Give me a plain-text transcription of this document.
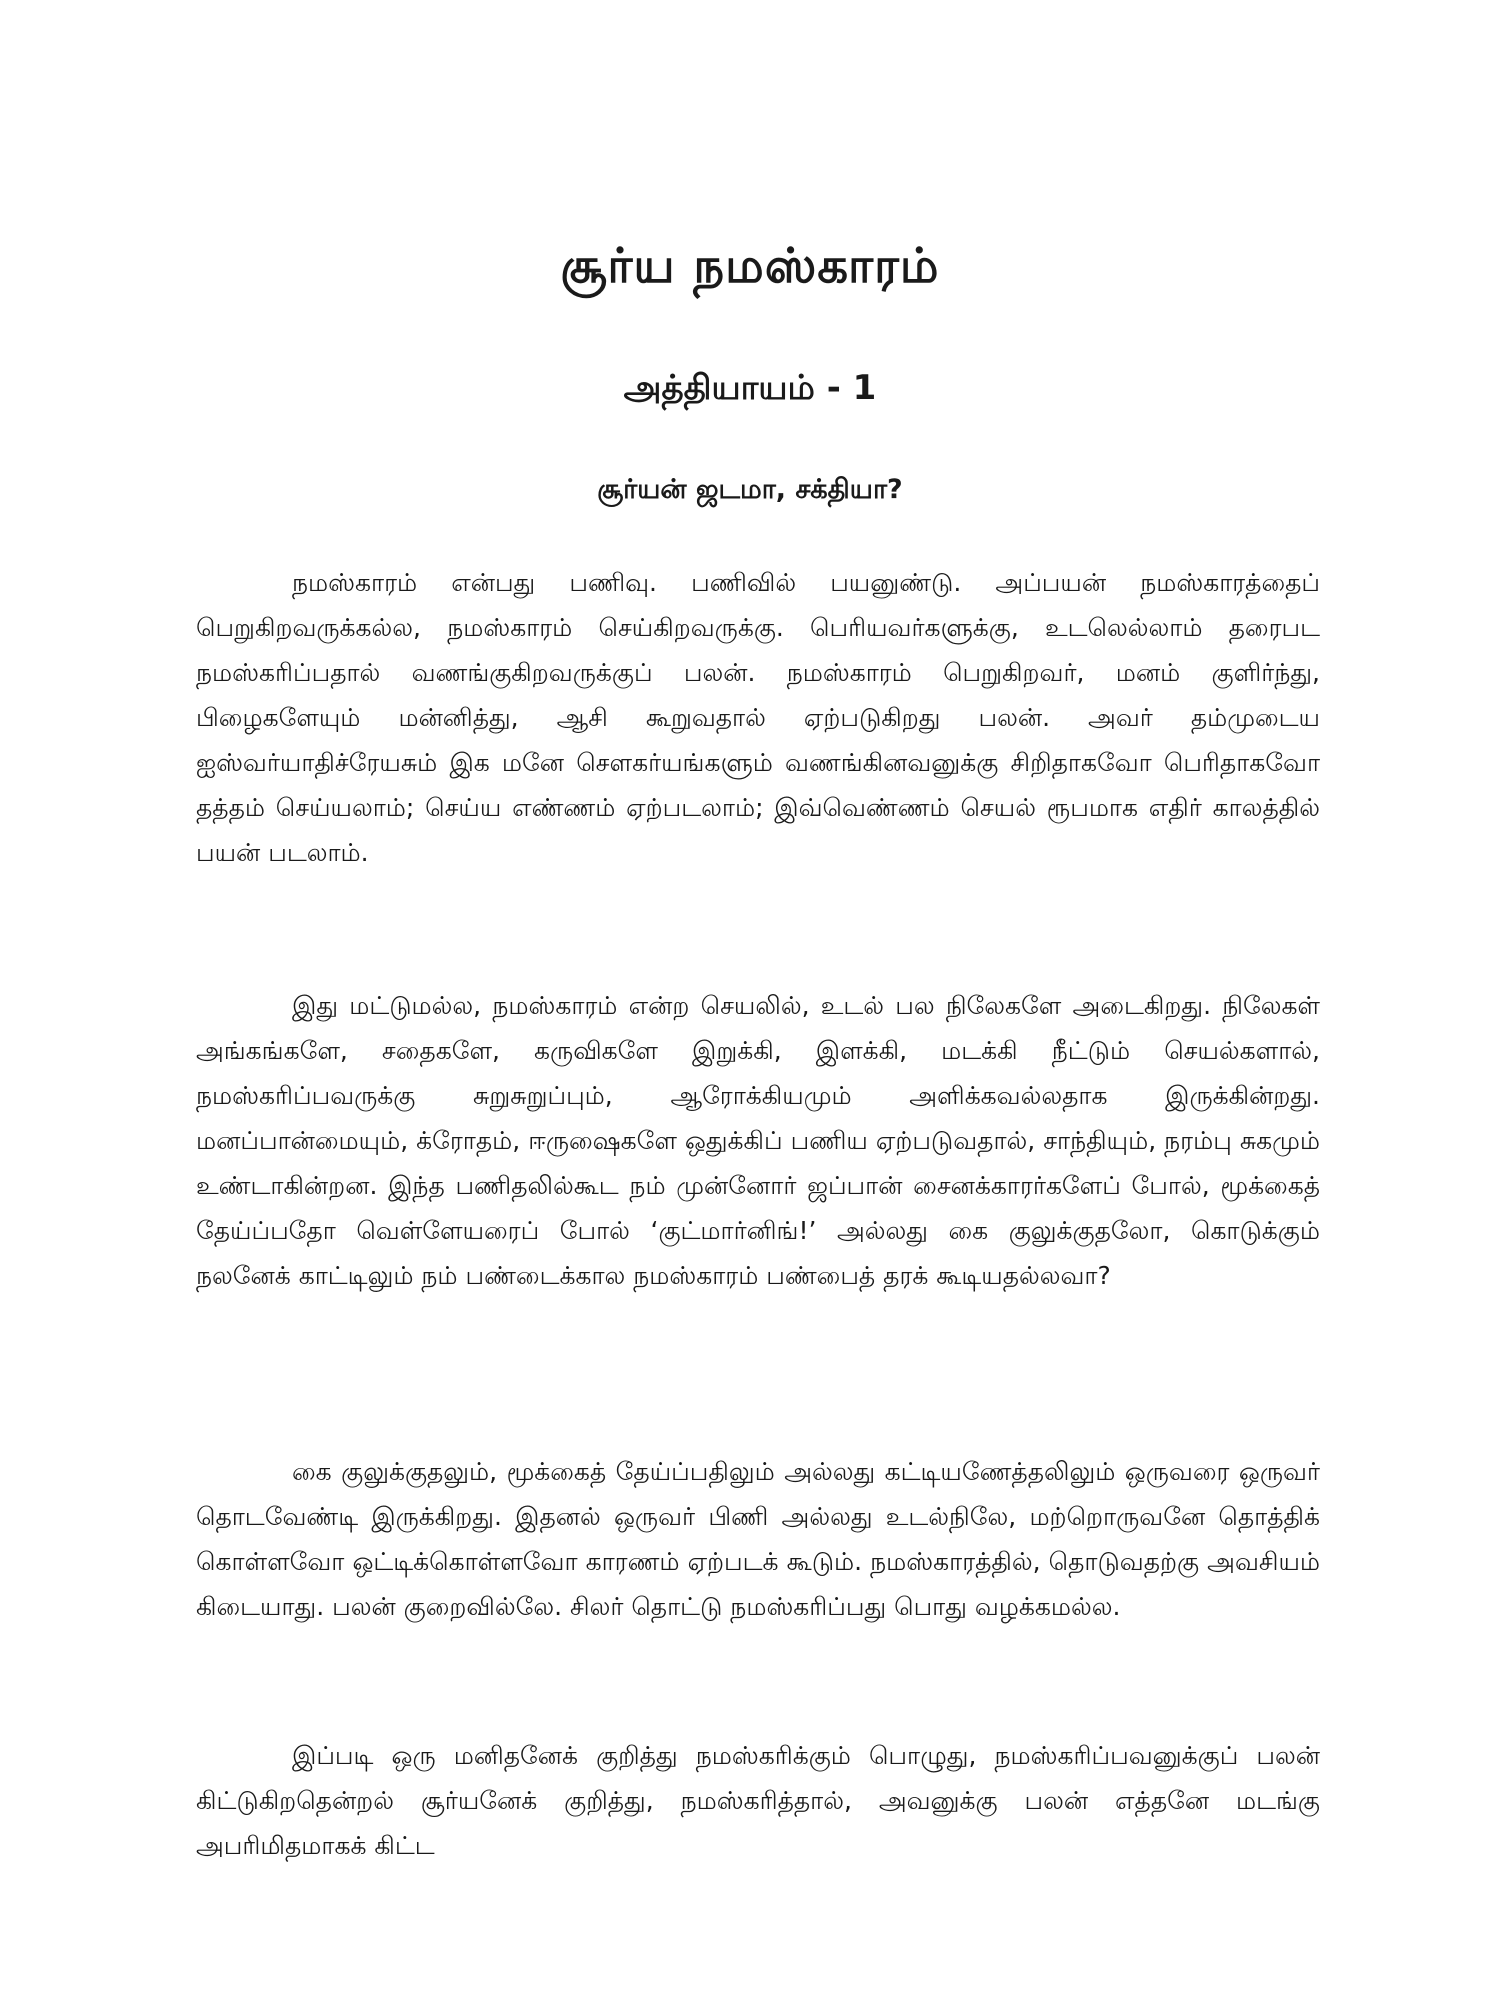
சூர்ய நமஸ்காரம்
அத்தியாயம் - 1
சூர்யன் ஜடமா, சக்தியா?

நமஸ்காரம் என்பது பணிவு. பணிவில் பயனுண்டு. அப்பயன் நமஸ்காரத்தைப் பெறுகிறவருக்கல்ல, நமஸ்காரம் செய்கிறவருக்கு. பெரியவர்களுக்கு, உடலெல்லாம் தரைபட நமஸ்கரிப்பதால் வணங்குகிறவருக்குப் பலன். நமஸ்காரம் பெறுகிறவர், மனம் குளிர்ந்து, பிழைகளேயும் மன்னித்து, ஆசி கூறுவதால் ஏற்படுகிறது பலன். அவர் தம்முடைய ஐஸ்வர்யாதிச்ரேயசும் இக மனே சௌகர்யங்களும் வணங்கினவனுக்கு சிறிதாகவோ பெரிதாகவோ தத்தம் செய்யலாம்; செய்ய எண்ணம் ஏற்படலாம்; இவ்வெண்ணம் செயல் ரூபமாக எதிர் காலத்தில் பயன் படலாம்.

இது மட்டுமல்ல, நமஸ்காரம் என்ற செயலில், உடல் பல நிலேகளே அடைகிறது. நிலேகள் அங்கங்களே, சதைகளே, கருவிகளே இறுக்கி, இளக்கி, மடக்கி நீட்டும் செயல்களால், நமஸ்கரிப்பவருக்கு சுறுசுறுப்பும், ஆரோக்கியமும் அளிக்கவல்லதாக இருக்கின்றது. மனப்பான்மையும், க்ரோதம், ஈருஷைகளே ஒதுக்கிப் பணிய ஏற்படுவதால், சாந்தியும், நரம்பு சுகமும் உண்டாகின்றன. இந்த பணிதலில்கூட நம் முன்னோர் ஜப்பான் சைனக்காரர்களேப் போல், மூக்கைத் தேய்ப்பதோ வெள்ளேயரைப் போல் ‘குட்மார்னிங்!’ அல்லது கை குலுக்குதலோ, கொடுக்கும் நலனேக் காட்டிலும் நம் பண்டைக்கால நமஸ்காரம் பண்பைத் தரக் கூடியதல்லவா?

கை குலுக்குதலும், மூக்கைத் தேய்ப்பதிலும் அல்லது கட்டியணேத்தலிலும் ஒருவரை ஒருவர் தொடவேண்டி இருக்கிறது. இதனல் ஒருவர் பிணி அல்லது உடல்நிலே, மற்றொருவனே தொத்திக் கொள்ளவோ ஒட்டிக்கொள்ளவோ காரணம் ஏற்படக் கூடும். நமஸ்காரத்தில், தொடுவதற்கு அவசியம் கிடையாது. பலன் குறைவில்லே. சிலர் தொட்டு நமஸ்கரிப்பது பொது வழக்கமல்ல.

இப்படி ஒரு மனிதனேக் குறித்து நமஸ்கரிக்கும் பொழுது, நமஸ்கரிப்பவனுக்குப் பலன் கிட்டுகிறதென்றல் சூர்யனேக் குறித்து, நமஸ்கரித்தால், அவனுக்கு பலன் எத்தனே மடங்கு அபரிமிதமாகக் கிட்ட
